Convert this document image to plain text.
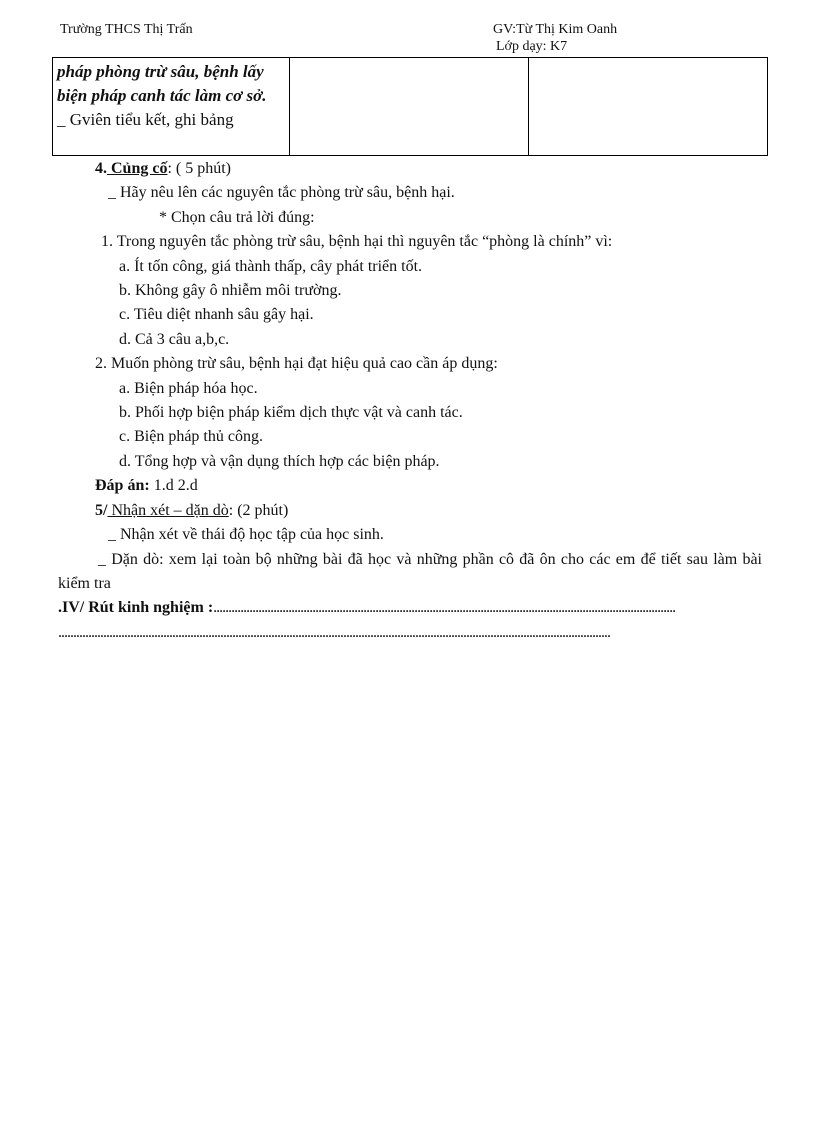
Trường THCS Thị Trấn	GV:Từ Thị Kim Oanh
Lớp dạy: K7
pháp phòng trừ sâu, bệnh lấy biện pháp canh tác làm cơ sở.
_ Gviên tiểu kết, ghi bảng

4. Củng cố: ( 5 phút)
_ Hãy nêu lên các nguyên tắc phòng trừ sâu, bệnh hại.
* Chọn câu trả lời đúng:
1. Trong nguyên tắc phòng trừ sâu, bệnh hại thì nguyên tắc “phòng là chính” vì:
a. Ít tốn công, giá thành thấp, cây phát triển tốt.
b. Không gây ô nhiễm môi trường.
c. Tiêu diệt nhanh sâu gây hại.
d. Cả 3 câu a,b,c.
2. Muốn phòng trừ sâu, bệnh hại đạt hiệu quả cao cần áp dụng:
a. Biện pháp hóa học.
b. Phối hợp biện pháp kiểm dịch thực vật và canh tác.
c. Biện pháp thủ công.
d. Tổng hợp và vận dụng thích hợp các biện pháp.
Đáp án: 1.d 2.d
5/ Nhận xét – dặn dò: (2 phút)
_ Nhận xét về thái độ học tập của học sinh.
_ Dặn dò: xem lại toàn bộ những bài đã học và những phần cô đã ôn cho các em để tiết sau làm bài kiểm tra
.IV/ Rút kinh nghiệm :..........................................................................................................................................................
........................................................................................................................................................................................
